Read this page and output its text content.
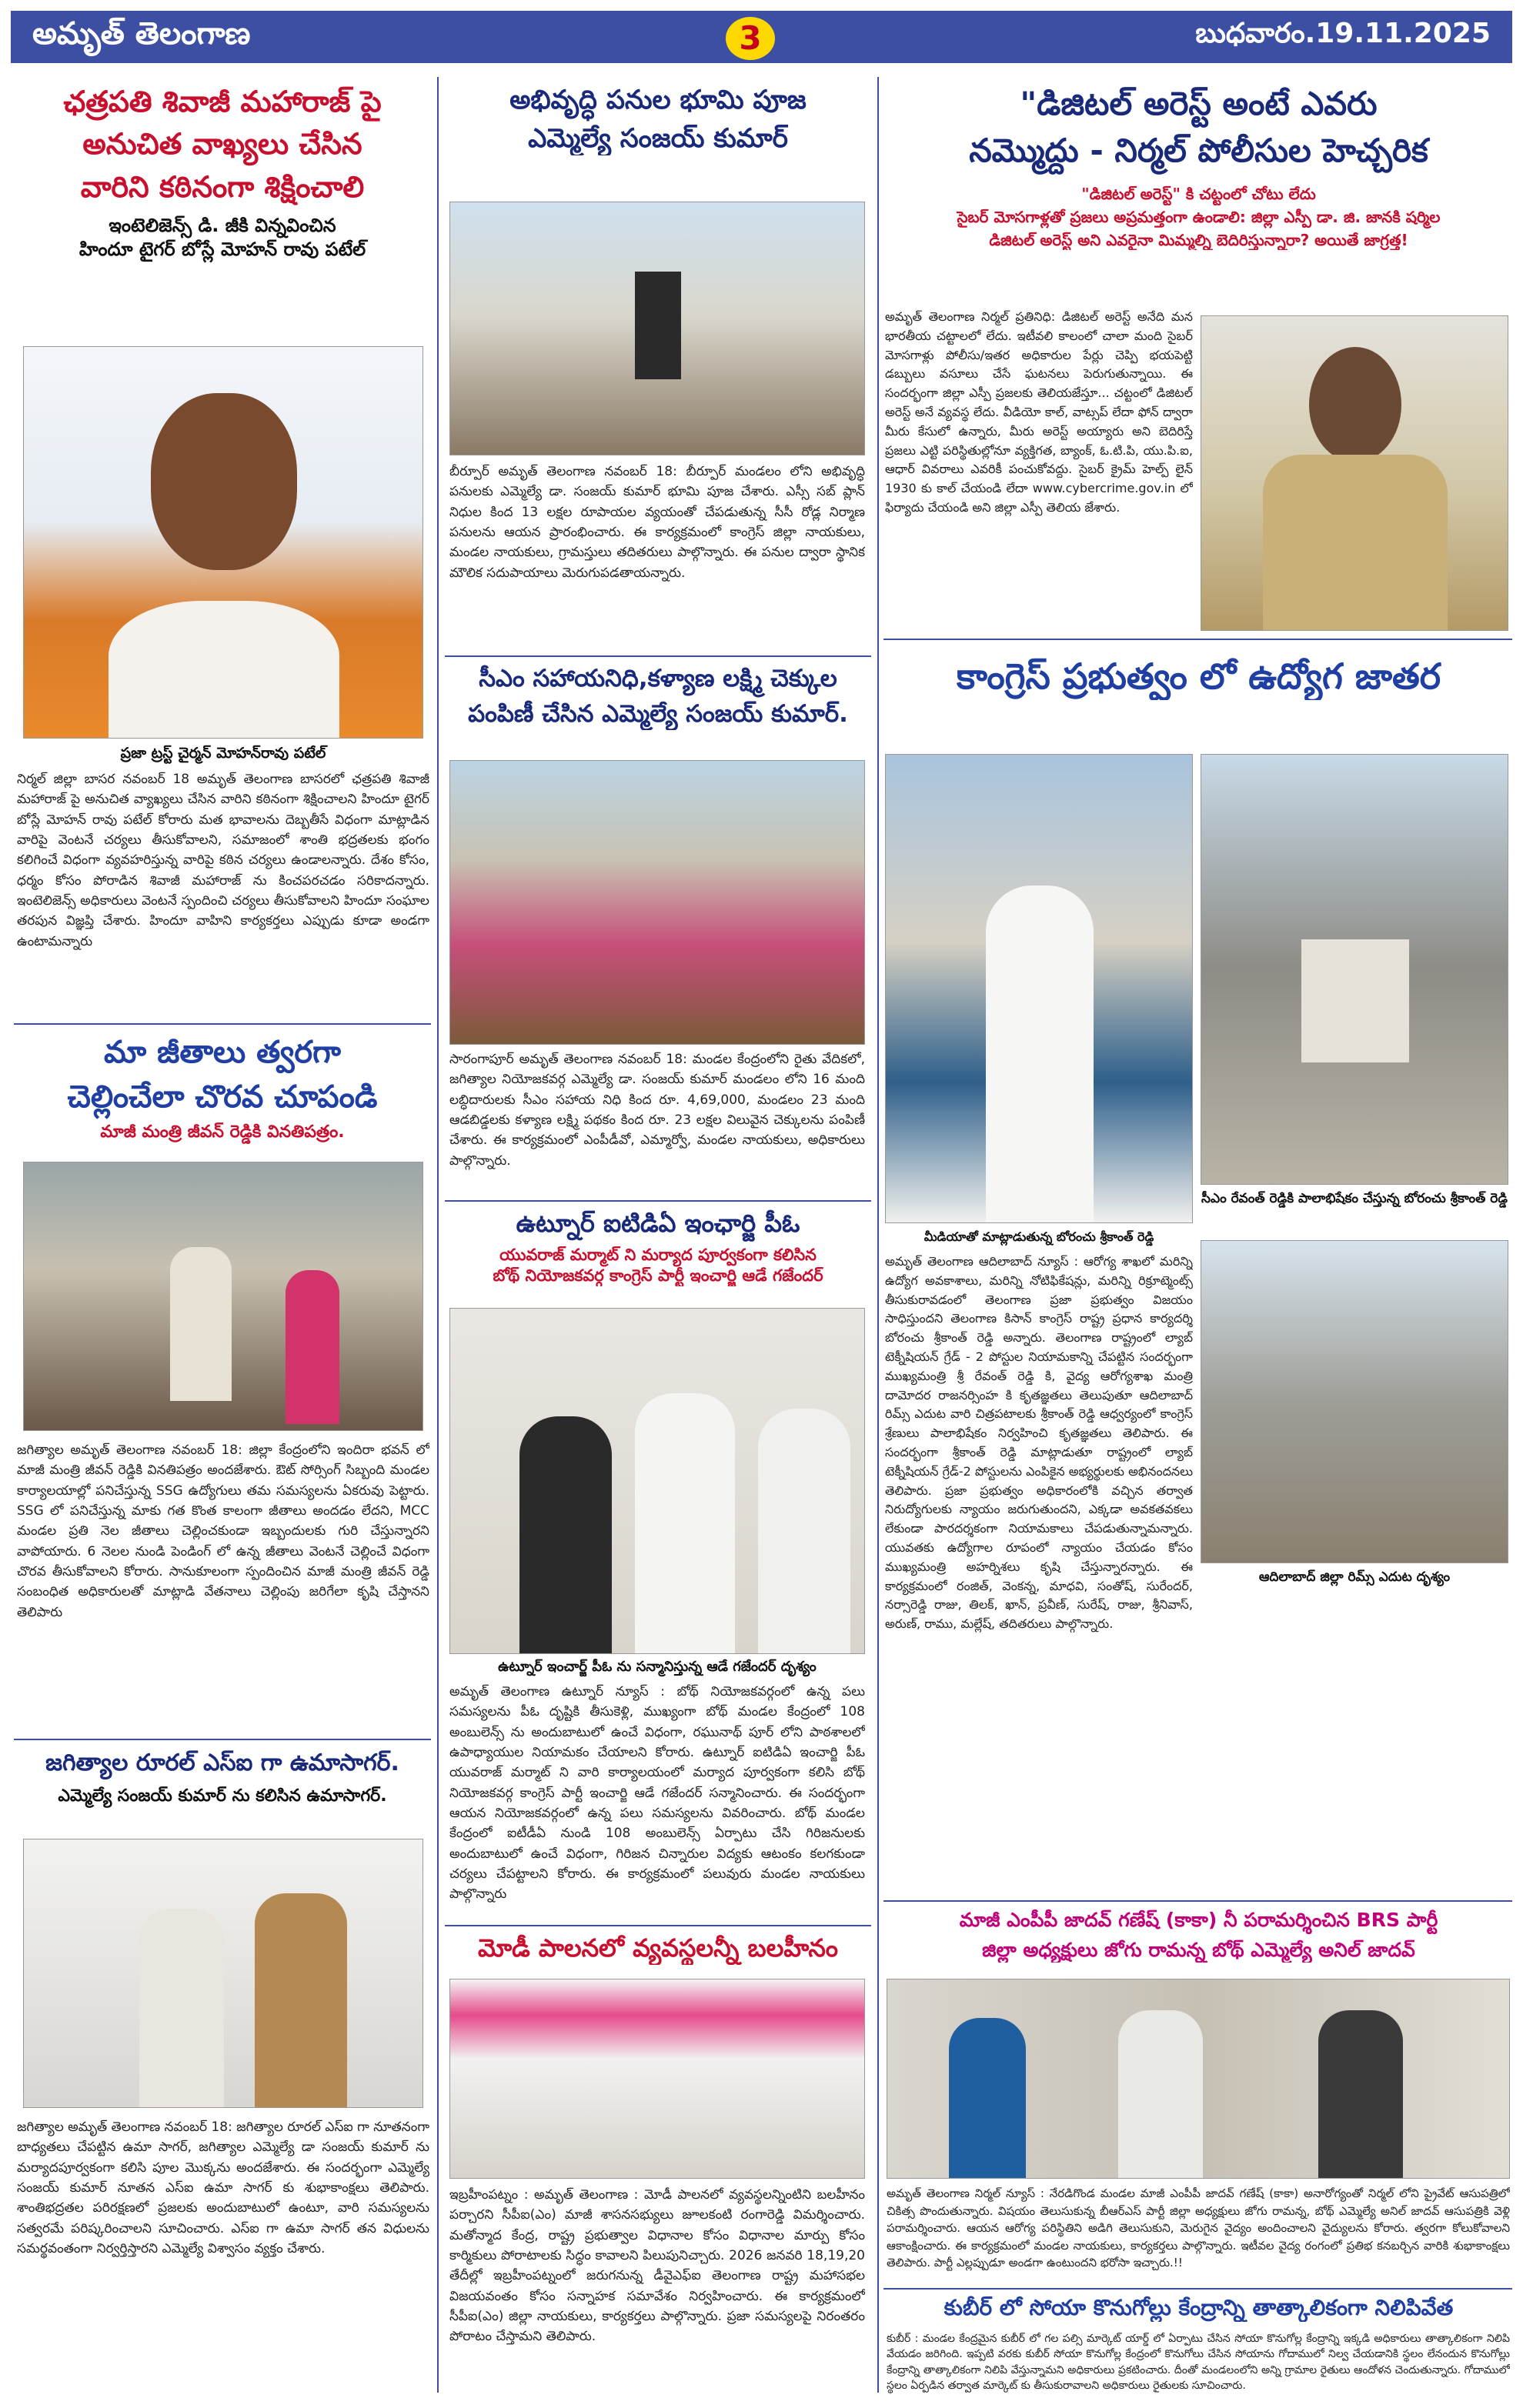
అమృత్ తెలంగాణ	బుధవారం.19.11.2025
3
ఛత్రపతి శివాజీ మహారాజ్ పై
అనుచిత వాఖ్యలు చేసిన
వారిని కఠినంగా శిక్షించాలి
ఇంటెలిజెన్స్ డి. జీకి విన్నవించిన
హిందూ టైగర్ బోస్లే మోహన్ రావు పటేల్
ప్రజా ట్రస్ట్ చైర్మన్ మోహన్‌రావు పటేల్
నిర్మల్ జిల్లా బాసర నవంబర్ 18 అమృత్ తెలంగాణ బాసరలో ఛత్రపతి శివాజీ మహారాజ్ పై అనుచిత వ్యాఖ్యలు చేసిన వారిని కఠినంగా శిక్షించాలని హిందూ టైగర్ బోస్లే మోహన్ రావు పటేల్ కోరారు మత భావాలను దెబ్బతీసే విధంగా మాట్లాడిన వారిపై వెంటనే చర్యలు తీసుకోవాలని, సమాజంలో శాంతి భద్రతలకు భంగం కలిగించే విధంగా వ్యవహరిస్తున్న వారిపై కఠిన చర్యలు ఉండాలన్నారు. దేశం కోసం, ధర్మం కోసం పోరాడిన శివాజీ మహారాజ్ ను కించపరచడం సరికాదన్నారు. ఇంటెలిజెన్స్ అధికారులు వెంటనే స్పందించి చర్యలు తీసుకోవాలని హిందూ సంఘాల తరపున విజ్ఞప్తి చేశారు. హిందూ వాహిని కార్యకర్తలు ఎప్పుడు కూడా అండగా ఉంటామన్నారు
మా జీతాలు త్వరగా
చెల్లించేలా చొరవ చూపండి
మాజీ మంత్రి జీవన్ రెడ్డికి వినతిపత్రం.
జగిత్యాల అమృత్ తెలంగాణ నవంబర్ 18: జిల్లా కేంద్రంలోని ఇందిరా భవన్ లో మాజీ మంత్రి జీవన్ రెడ్డికి వినతిపత్రం అందజేశారు. ఔట్ సోర్సింగ్ సిబ్బంది మండల కార్యాలయాల్లో పనిచేస్తున్న SSG ఉద్యోగులు తమ సమస్యలను ఏకరువు పెట్టారు. SSG లో పనిచేస్తున్న మాకు గత కొంత కాలంగా జీతాలు అందడం లేదని, MCC మండల ప్రతి నెల జీతాలు చెల్లించకుండా ఇబ్బందులకు గురి చేస్తున్నారని వాపోయారు. 6 నెలల నుండి పెండింగ్ లో ఉన్న జీతాలు వెంటనే చెల్లించే విధంగా చొరవ తీసుకోవాలని కోరారు. సానుకూలంగా స్పందించిన మాజీ మంత్రి జీవన్ రెడ్డి సంబంధిత అధికారులతో మాట్లాడి వేతనాలు చెల్లింపు జరిగేలా కృషి చేస్తానని తెలిపారు
జగిత్యాల రూరల్ ఎస్ఐ గా ఉమాసాగర్.
ఎమ్మెల్యే సంజయ్ కుమార్ ను కలిసిన ఉమాసాగర్.
జగిత్యాల అమృత్ తెలంగాణ నవంబర్ 18: జగిత్యాల రూరల్ ఎస్ఐ గా నూతనంగా బాధ్యతలు చేపట్టిన ఉమా సాగర్, జగిత్యాల ఎమ్మెల్యే డా సంజయ్ కుమార్ ను మర్యాదపూర్వకంగా కలిసి పూల మొక్కను అందజేశారు. ఈ సందర్భంగా ఎమ్మెల్యే సంజయ్ కుమార్ నూతన ఎస్ఐ ఉమా సాగర్ కు శుభాకాంక్షలు తెలిపారు. శాంతిభద్రతల పరిరక్షణలో ప్రజలకు అందుబాటులో ఉంటూ, వారి సమస్యలను సత్వరమే పరిష్కరించాలని సూచించారు. ఎస్ఐ గా ఉమా సాగర్ తన విధులను సమర్థవంతంగా నిర్వర్తిస్తారని ఎమ్మెల్యే విశ్వాసం వ్యక్తం చేశారు.
అభివృద్ధి పనుల భూమి పూజ
ఎమ్మెల్యే సంజయ్ కుమార్
బీర్పూర్ అమృత్ తెలంగాణ నవంబర్ 18: బీర్పూర్ మండలం లోని అభివృద్ధి పనులకు ఎమ్మెల్యే డా. సంజయ్ కుమార్ భూమి పూజ చేశారు. ఎస్సీ సబ్ ప్లాన్ నిధుల కింద 13 లక్షల రూపాయల వ్యయంతో చేపడుతున్న సీసీ రోడ్ల నిర్మాణ పనులను ఆయన ప్రారంభించారు. ఈ కార్యక్రమంలో కాంగ్రెస్ జిల్లా నాయకులు, మండల నాయకులు, గ్రామస్తులు తదితరులు పాల్గొన్నారు. ఈ పనుల ద్వారా స్థానిక మౌలిక సదుపాయాలు మెరుగుపడతాయన్నారు.
సీఎం సహాయనిధి,కళ్యాణ లక్ష్మి చెక్కుల
పంపిణీ చేసిన ఎమ్మెల్యే సంజయ్ కుమార్.
సారంగాపూర్ అమృత్ తెలంగాణ నవంబర్ 18: మండల కేంద్రంలోని రైతు వేదికలో, జగిత్యాల నియోజకవర్గ ఎమ్మెల్యే డా. సంజయ్ కుమార్ మండలం లోని 16 మంది లబ్ధిదారులకు సీఎం సహాయ నిధి కింద రూ. 4,69,000, మండలం 23 మంది ఆడబిడ్డలకు కళ్యాణ లక్ష్మి పథకం కింద రూ. 23 లక్షల విలువైన చెక్కులను పంపిణీ చేశారు. ఈ కార్యక్రమంలో ఎంపీడీవో, ఎమ్మార్వో, మండల నాయకులు, అధికారులు పాల్గొన్నారు.
ఉట్నూర్ ఐటిడిఏ ఇంఛార్జి పీఓ
యువరాజ్ మర్మాట్ ని మర్యాద పూర్వకంగా కలిసిన
బోథ్ నియోజకవర్గ కాంగ్రెస్ పార్టీ ఇంచార్జి ఆడే గజేందర్
ఉట్నూర్ ఇంచార్జ్ పీఓ ను సన్మానిస్తున్న ఆడే గజేందర్ దృశ్యం
అమృత్ తెలంగాణ ఉట్నూర్ న్యూస్ : బోథ్ నియోజకవర్గంలో ఉన్న పలు సమస్యలను పీఓ దృష్టికి తీసుకెళ్లి, ముఖ్యంగా బోథ్ మండల కేంద్రంలో 108 అంబులెన్స్ ను అందుబాటులో ఉంచే విధంగా, రఘునాథ్ పూర్ లోని పాఠశాలలో ఉపాధ్యాయుల నియామకం చేయాలని కోరారు. ఉట్నూర్ ఐటిడిఏ ఇంచార్జి పీఓ యువరాజ్ మర్మాట్ ని వారి కార్యాలయంలో మర్యాద పూర్వకంగా కలిసి బోథ్ నియోజకవర్గ కాంగ్రెస్ పార్టీ ఇంచార్జి ఆడే గజేందర్ సన్మానించారు. ఈ సందర్భంగా ఆయన నియోజకవర్గంలో ఉన్న పలు సమస్యలను వివరించారు. బోథ్ మండల కేంద్రంలో ఐటీడీఏ నుండి 108 అంబులెన్స్ ఏర్పాటు చేసి గిరిజనులకు అందుబాటులో ఉంచే విధంగా, గిరిజన చిన్నారుల విద్యకు ఆటంకం కలగకుండా చర్యలు చేపట్టాలని కోరారు. ఈ కార్యక్రమంలో పలువురు మండల నాయకులు పాల్గొన్నారు
మోడీ పాలనలో వ్యవస్థలన్నీ బలహీనం
ఇబ్రహీంపట్నం : అమృత్ తెలంగాణ : మోడీ పాలనలో వ్యవస్థలన్నింటిని బలహీనం పర్చారని సీపీఐ(ఎం) మాజీ శాసనసభ్యులు జూలకంటి రంగారెడ్డి విమర్శించారు. మతోన్మాద కేంద్ర, రాష్ట్ర ప్రభుత్వాల విధానాల కోసం విధానాల మార్పు కోసం కార్మికులు పోరాటాలకు సిద్ధం కావాలని పిలుపునిచ్చారు. 2026 జనవరి 18,19,20 తేదీల్లో ఇబ్రహీంపట్నంలో జరుగనున్న డీవైఎఫ్ఐ తెలంగాణ రాష్ట్ర మహాసభల విజయవంతం కోసం సన్నాహక సమావేశం నిర్వహించారు. ఈ కార్యక్రమంలో సీపీఐ(ఎం) జిల్లా నాయకులు, కార్యకర్తలు పాల్గొన్నారు. ప్రజా సమస్యలపై నిరంతరం పోరాటం చేస్తామని తెలిపారు.
"డిజిటల్ అరెస్ట్ అంటే ఎవరు
నమ్మొద్దు - నిర్మల్ పోలీసుల హెచ్చరిక
"డిజిటల్ అరెస్ట్" కి చట్టంలో చోటు లేదు
సైబర్ మోసగాళ్లతో ప్రజలు అప్రమత్తంగా ఉండాలి: జిల్లా ఎస్పీ డా. జి. జానకి షర్మిల
డిజిటల్ అరెస్ట్ అని ఎవరైనా మిమ్మల్ని బెదిరిస్తున్నారా? అయితే జాగ్రత్త!
అమృత్ తెలంగాణ నిర్మల్ ప్రతినిధి: డిజిటల్ అరెస్ట్ అనేది మన భారతీయ చట్టాలలో లేదు. ఇటీవలి కాలంలో చాలా మంది సైబర్ మోసగాళ్లు పోలీసు/ఇతర అధికారుల పేర్లు చెప్పి భయపెట్టి డబ్బులు వసూలు చేసే ఘటనలు పెరుగుతున్నాయి. ఈ సందర్భంగా జిల్లా ఎస్పీ ప్రజలకు తెలియజేస్తూ... చట్టంలో డిజిటల్ అరెస్ట్ అనే వ్యవస్థ లేదు. వీడియో కాల్, వాట్సప్ లేదా ఫోన్ ద్వారా మీరు కేసులో ఉన్నారు, మీరు అరెస్ట్ అయ్యారు అని బెదిరిస్తే ప్రజలు ఎట్టి పరిస్థితుల్లోనూ వ్యక్తిగత, బ్యాంక్, ఓ.టి.పి, యు.పి.ఐ, ఆధార్ వివరాలు ఎవరికీ పంచుకోవద్దు. సైబర్ క్రైమ్ హెల్ప్ లైన్ 1930 కు కాల్ చేయండి లేదా www.cybercrime.gov.in లో ఫిర్యాదు చేయండి అని జిల్లా ఎస్పీ తెలియ జేశారు.
కాంగ్రెస్ ప్రభుత్వం లో ఉద్యోగ జాతర
మీడియాతో మాట్లాడుతున్న బోరంచు శ్రీకాంత్ రెడ్డి
సీఎం రేవంత్ రెడ్డికి పాలాభిషేకం చేస్తున్న బోరంచు శ్రీకాంత్ రెడ్డి
అమృత్ తెలంగాణ ఆదిలాబాద్ న్యూస్ : ఆరోగ్య శాఖలో మరిన్ని ఉద్యోగ అవకాశాలు, మరిన్ని నోటిఫికేషన్లు, మరిన్ని రిక్రూట్మెంట్స్ తీసుకురావడంలో తెలంగాణ ప్రజా ప్రభుత్వం విజయం సాధిస్తుందని తెలంగాణ కిసాన్ కాంగ్రెస్ రాష్ట్ర ప్రధాన కార్యదర్శి బోరంచు శ్రీకాంత్ రెడ్డి అన్నారు. తెలంగాణ రాష్ట్రంలో ల్యాబ్ టెక్నీషియన్ గ్రేడ్ - 2 పోస్టుల నియామకాన్ని చేపట్టిన సందర్భంగా ముఖ్యమంత్రి శ్రీ రేవంత్ రెడ్డి కి, వైద్య ఆరోగ్యశాఖ మంత్రి దామోదర రాజనర్సింహ కి కృతజ్ఞతలు తెలుపుతూ ఆదిలాబాద్ రిమ్స్ ఎదుట వారి చిత్రపటాలకు శ్రీకాంత్ రెడ్డి ఆధ్వర్యంలో కాంగ్రెస్ శ్రేణులు పాలాభిషేకం నిర్వహించి కృతజ్ఞతలు తెలిపారు. ఈ సందర్భంగా శ్రీకాంత్ రెడ్డి మాట్లాడుతూ రాష్ట్రంలో ల్యాబ్ టెక్నీషియన్ గ్రేడ్-2 పోస్టులను ఎంపికైన అభ్యర్థులకు అభినందనలు తెలిపారు. ప్రజా ప్రభుత్వం అధికారంలోకి వచ్చిన తర్వాత నిరుద్యోగులకు న్యాయం జరుగుతుందని, ఎక్కడా అవకతవకలు లేకుండా పారదర్శకంగా నియామకాలు చేపడుతున్నామన్నారు. యువతకు ఉద్యోగాల రూపంలో న్యాయం చేయడం కోసం ముఖ్యమంత్రి అహర్నిశలు కృషి చేస్తున్నారన్నారు. ఈ కార్యక్రమంలో రంజిత్, వెంకన్న, మాధవి, సంతోష్, సురేందర్, నర్సారెడ్డి రాజు, తిలక్, ఖాన్, ప్రవీణ్, సురేష్, రాజు, శ్రీనివాస్, అరుణ్, రాము, మల్లేష్, తదితరులు పాల్గొన్నారు.
ఆదిలాబాద్ జిల్లా రిమ్స్ ఎదుట దృశ్యం
మాజీ ఎంపీపీ జాదవ్ గణేష్ (కాకా) నీ పరామర్శించిన BRS పార్టీ
జిల్లా అధ్యక్షులు జోగు రామన్న బోథ్ ఎమ్మెల్యే అనిల్ జాదవ్
అమృత్ తెలంగాణ నిర్మల్ న్యూస్ : నేరడిగొండ మండల మాజీ ఎంపీపీ జాదవ్ గణేష్ (కాకా) అనారోగ్యంతో నిర్మల్ లోని ప్రైవేట్ ఆసుపత్రిలో చికిత్స పొందుతున్నారు. విషయం తెలుసుకున్న బీఆర్ఎస్ పార్టీ జిల్లా అధ్యక్షులు జోగు రామన్న, బోథ్ ఎమ్మెల్యే అనిల్ జాదవ్ ఆసుపత్రికి వెళ్లి పరామర్శించారు. ఆయన ఆరోగ్య పరిస్థితిని అడిగి తెలుసుకుని, మెరుగైన వైద్యం అందించాలని వైద్యులను కోరారు. త్వరగా కోలుకోవాలని ఆకాంక్షించారు. ఈ కార్యక్రమంలో మండల నాయకులు, కార్యకర్తలు పాల్గొన్నారు. ఇటీవల వైద్య రంగంలో ప్రతిభ కనబర్చిన వారికి శుభాకాంక్షలు తెలిపారు. పార్టీ ఎల్లప్పుడూ అండగా ఉంటుందని భరోసా ఇచ్చారు.!!
కుబీర్ లో సోయా కొనుగోల్లు కేంద్రాన్ని తాత్కాలికంగా నిలిపివేత
కుబీర్ : మండల కేంద్రమైన కుబీర్ లో గల పల్సి మార్కెట్ యార్డ్ లో ఏర్పాటు చేసిన సోయా కొనుగోల్ల కేంద్రాన్ని ఇక్కడి అధికారులు తాత్కాలికంగా నిలిపి వేయడం జరిగింది. ఇప్పటి వరకు కుబీర్ సోయా కొనుగోల్ల కేంద్రంలో కొనుగోలు చేసిన సోయాను గోదాములో నిల్వ చేయడానికి స్థలం లేనందున కొనుగోల్లు కేంద్రాన్ని తాత్కాలికంగా నిలిపి వేస్తున్నామని అధికారులు ప్రకటించారు. దీంతో మండలంలోని అన్ని గ్రామాల రైతులు ఆందోళన చెందుతున్నారు. గోదాములో స్థలం ఏర్పడిన తర్వాత మార్కెట్ కు తీసుకురావాలని అధికారులు రైతులకు సూచించారు.
